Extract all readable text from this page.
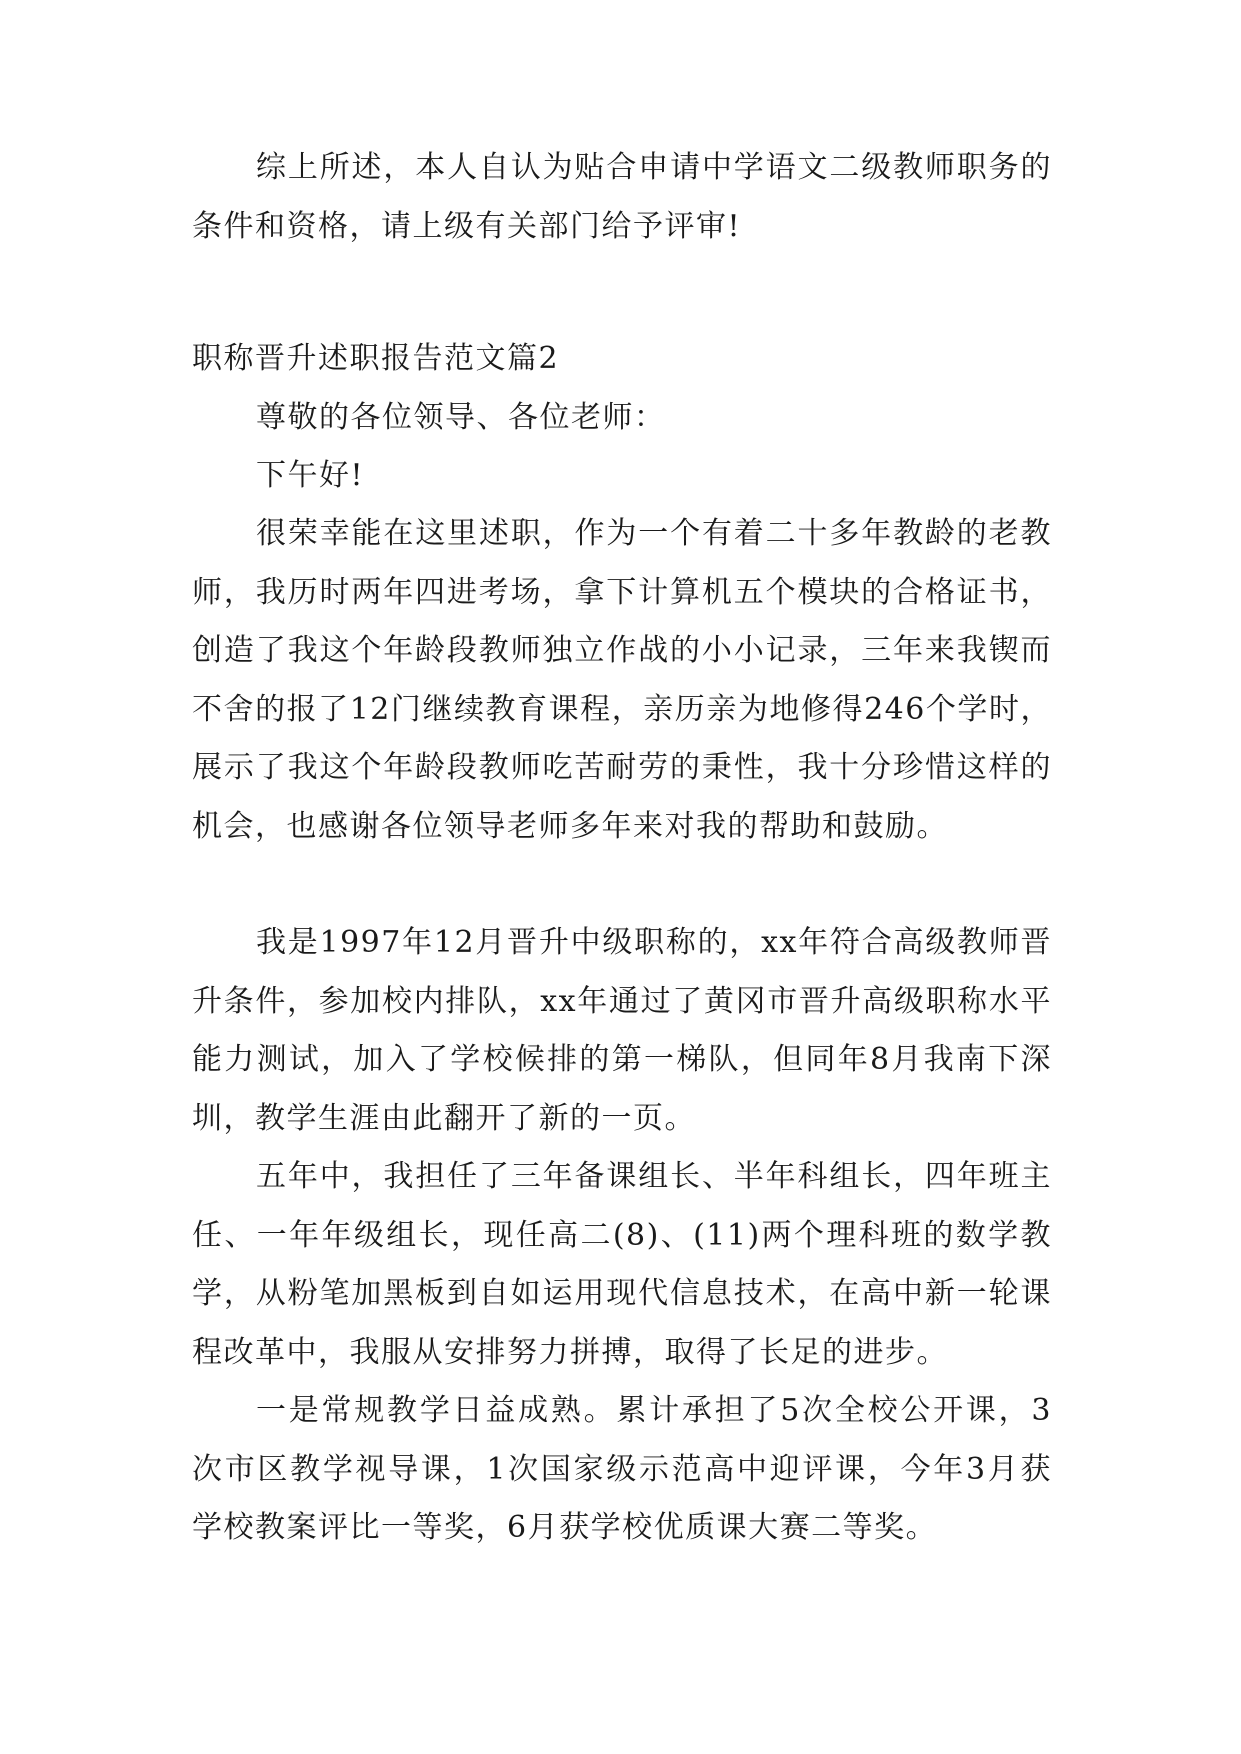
综上所述，本人自认为贴合申请中学语文二级教师职务的条件和资格，请上级有关部门给予评审!

职称晋升述职报告范文篇2

尊敬的各位领导、各位老师：

下午好!

很荣幸能在这里述职，作为一个有着二十多年教龄的老教师，我历时两年四进考场，拿下计算机五个模块的合格证书，创造了我这个年龄段教师独立作战的小小记录，三年来我锲而不舍的报了12门继续教育课程，亲历亲为地修得246个学时，展示了我这个年龄段教师吃苦耐劳的秉性，我十分珍惜这样的机会，也感谢各位领导老师多年来对我的帮助和鼓励。

我是1997年12月晋升中级职称的，xx年符合高级教师晋升条件，参加校内排队，xx年通过了黄冈市晋升高级职称水平能力测试，加入了学校候排的第一梯队，但同年8月我南下深圳，教学生涯由此翻开了新的一页。

五年中，我担任了三年备课组长、半年科组长，四年班主任、一年年级组长，现任高二(8)、(11)两个理科班的数学教学，从粉笔加黑板到自如运用现代信息技术，在高中新一轮课程改革中，我服从安排努力拼搏，取得了长足的进步。

一是常规教学日益成熟。累计承担了5次全校公开课，3次市区教学视导课，1次国家级示范高中迎评课，今年3月获学校教案评比一等奖，6月获学校优质课大赛二等奖。
